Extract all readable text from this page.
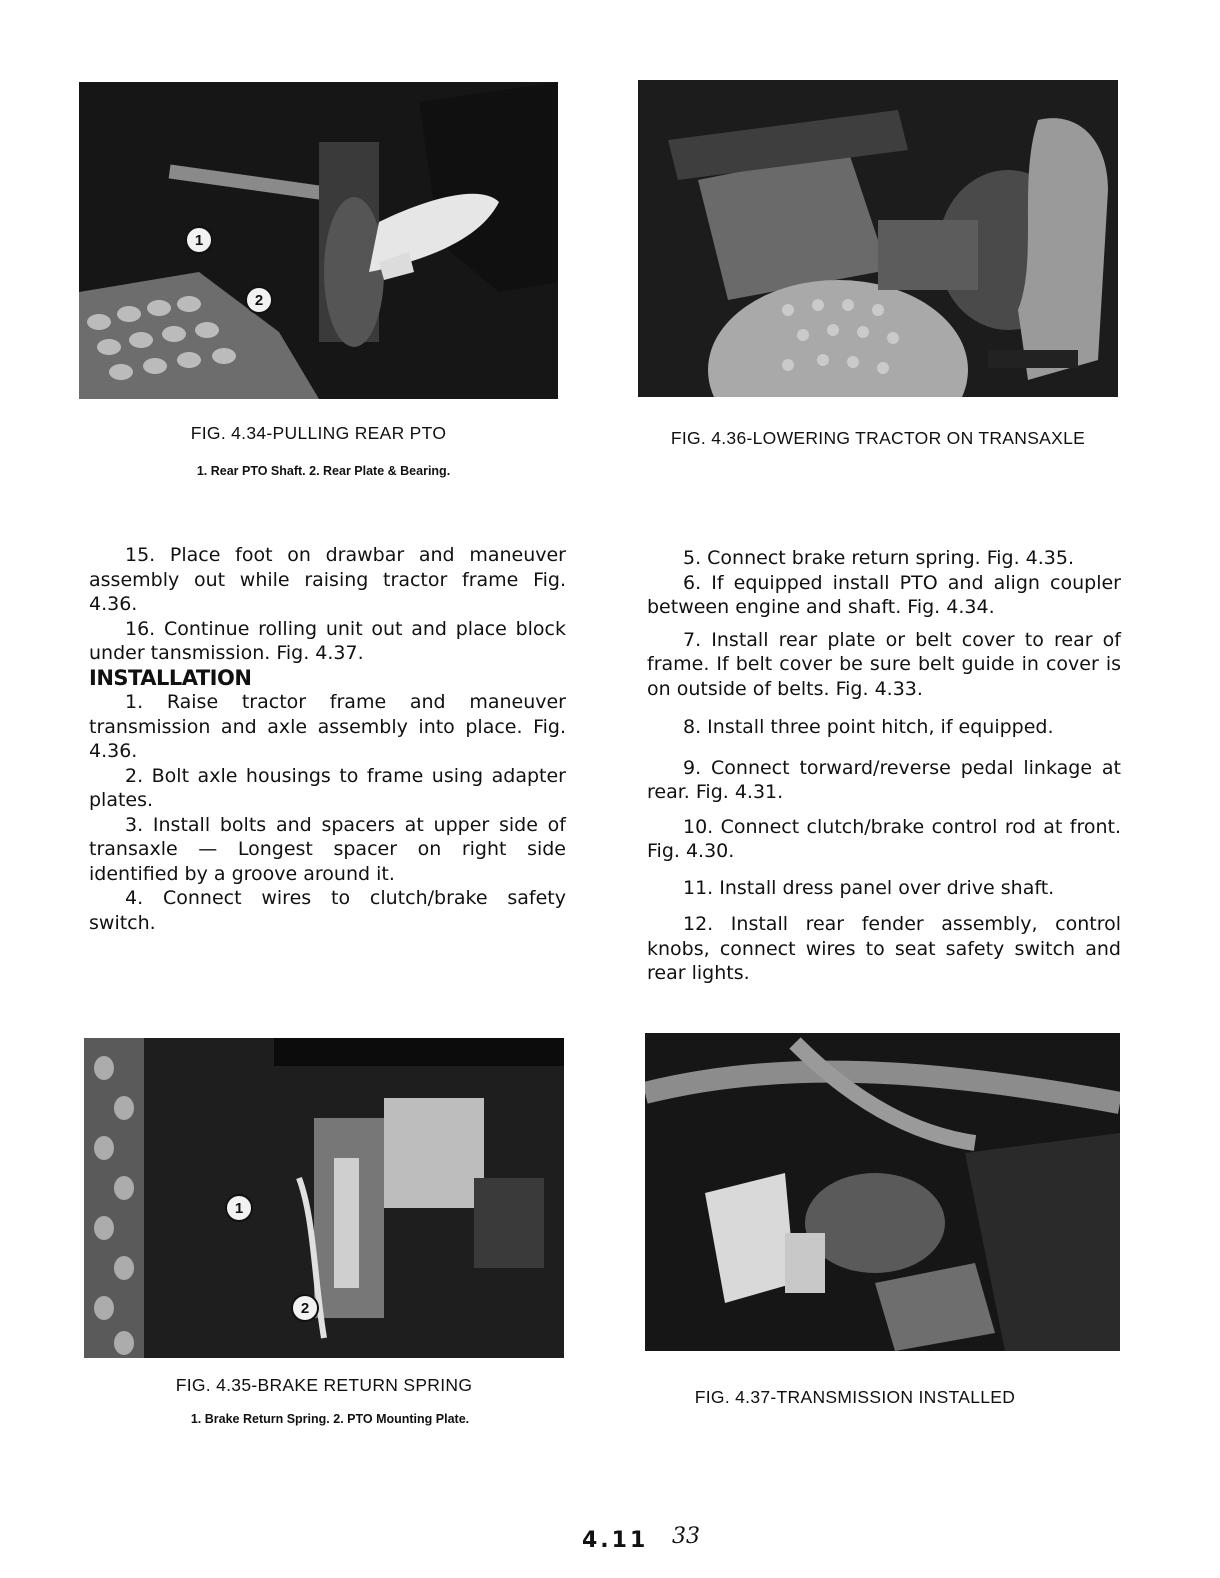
1
2
FIG. 4.34-PULLING REAR PTO
1. Rear PTO Shaft. 2. Rear Plate & Bearing.
FIG. 4.36-LOWERING TRACTOR ON TRANSAXLE

15. Place foot on drawbar and maneuver assembly out while raising tractor frame Fig. 4.36.

16. Continue rolling unit out and place block under tansmission. Fig. 4.37.

INSTALLATION

1. Raise tractor frame and maneuver transmission and axle assembly into place. Fig. 4.36.

2. Bolt axle housings to frame using adapter plates.

3. Install bolts and spacers at upper side of transaxle — Longest spacer on right side identified by a groove around it.

4. Connect wires to clutch/brake safety switch.

5. Connect brake return spring. Fig. 4.35.

6. If equipped install PTO and align coupler between engine and shaft. Fig. 4.34.

7. Install rear plate or belt cover to rear of frame. If belt cover be sure belt guide in cover is on outside of belts. Fig. 4.33.

8. Install three point hitch, if equipped.

9. Connect torward/reverse pedal linkage at rear. Fig. 4.31.

10. Connect clutch/brake control rod at front. Fig. 4.30.

11. Install dress panel over drive shaft.

12. Install rear fender assembly, control knobs, connect wires to seat safety switch and rear lights.

1
2
FIG. 4.35-BRAKE RETURN SPRING
1. Brake Return Spring. 2. PTO Mounting Plate.
FIG. 4.37-TRANSMISSION INSTALLED
4.11 33
